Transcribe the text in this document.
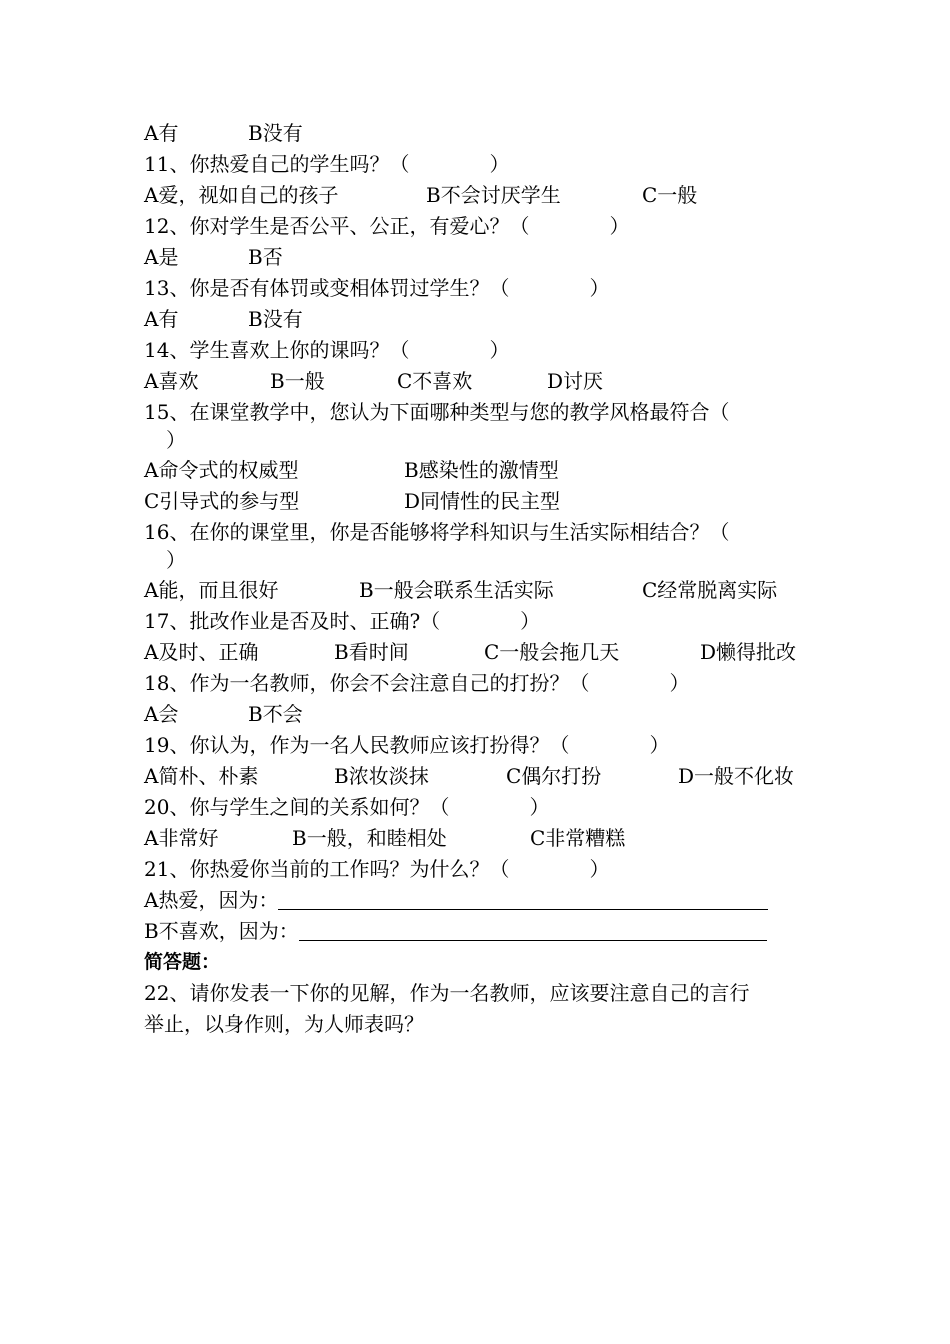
A有	B没有
11、你热爱自己的学生吗？（　　　　）
A爱，视如自己的孩子	B不会讨厌学生	C一般
12、你对学生是否公平、公正，有爱心？（　　　　）
A是	B否
13、你是否有体罚或变相体罚过学生？（　　　　）
A有	B没有
14、学生喜欢上你的课吗？（　　　　）
A喜欢	B一般	C不喜欢	D讨厌
15、在课堂教学中，您认为下面哪种类型与您的教学风格最符合（
）
A命令式的权威型	B感染性的激情型
C引导式的参与型	D同情性的民主型
16、在你的课堂里，你是否能够将学科知识与生活实际相结合？（
）
A能，而且很好	B一般会联系生活实际	C经常脱离实际
17、批改作业是否及时、正确?（　　　　）
A及时、正确	B看时间	C一般会拖几天	D懒得批改
18、作为一名教师，你会不会注意自己的打扮？（　　　　）
A会	B不会
19、你认为，作为一名人民教师应该打扮得？（　　　　）
A简朴、朴素	B浓妆淡抹	C偶尔打扮	D一般不化妆
20、你与学生之间的关系如何？（　　　　）
A非常好	B一般，和睦相处	C非常糟糕
21、你热爱你当前的工作吗？为什么？（　　　　）
A热爱，因为：
B不喜欢，因为：
简答题：
22、请你发表一下你的见解，作为一名教师，应该要注意自己的言行
举止，以身作则，为人师表吗？
